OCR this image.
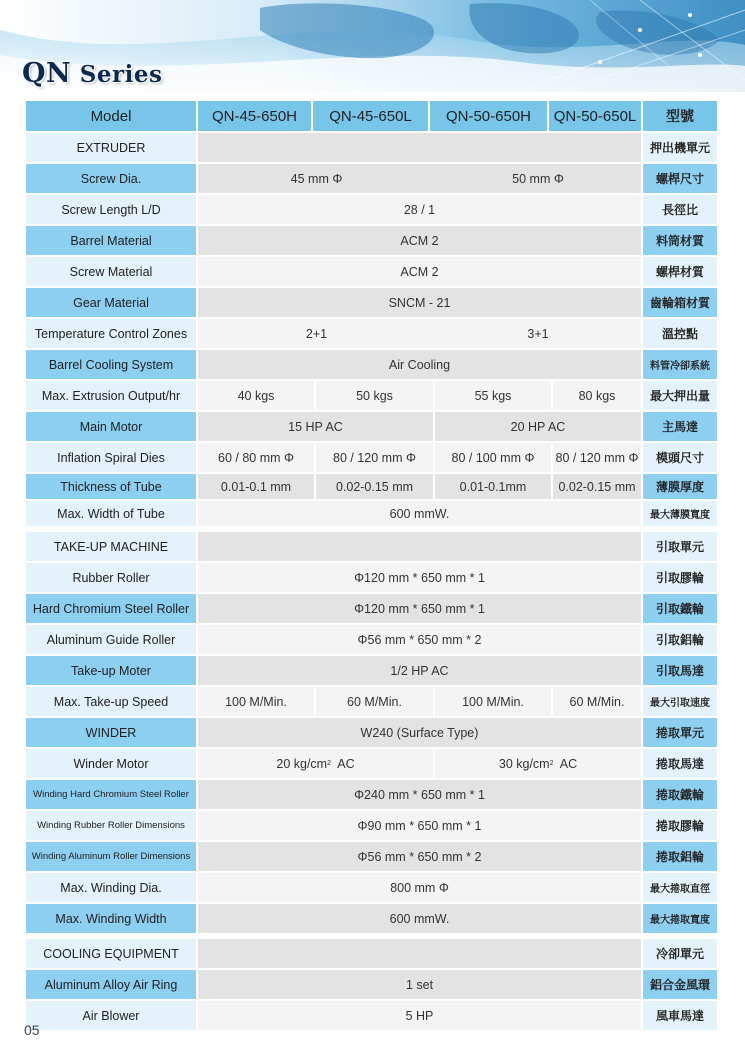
QN Series
Model	QN-45-650H	QN-45-650L	QN-50-650H	QN-50-650L	型號
EXTRUDER	押出機單元
Screw Dia.	45 mm Φ	50 mm Φ	螺桿尺寸
Screw Length L/D	28 / 1	長徑比
Barrel Material	ACM 2	料筒材質
Screw Material	ACM 2	螺桿材質
Gear Material	SNCM - 21	齒輪箱材質
Temperature Control Zones	2+1	3+1	溫控點
Barrel Cooling System	Air Cooling	料管冷卻系統
Max. Extrusion Output/hr	40 kgs	50 kgs	55 kgs	80 kgs	最大押出量
Main Motor	15 HP AC	20 HP AC	主馬達
Inflation Spiral Dies	60 / 80 mm Φ	80 / 120 mm Φ	80 / 100 mm Φ	80 / 120 mm Φ	模頭尺寸
Thickness of Tube	0.01-0.1 mm	0.02-0.15 mm	0.01-0.1mm	0.02-0.15 mm	薄膜厚度
Max. Width of Tube	600 mmW.	最大薄膜寬度
TAKE-UP MACHINE	引取單元
Rubber Roller	Φ120 mm * 650 mm * 1	引取膠輪
Hard Chromium Steel Roller	Φ120 mm * 650 mm * 1	引取鐵輪
Aluminum Guide Roller	Φ56 mm * 650 mm * 2	引取鋁輪
Take-up Moter	1/2 HP AC	引取馬達
Max. Take-up Speed	100 M/Min.	60 M/Min.	100 M/Min.	60 M/Min.	最大引取速度
WINDER	W240 (Surface Type)	捲取單元
Winder Motor	20 kg/cm 2 AC	30 kg/cm 2 AC	捲取馬達
Winding Hard Chromium Steel Roller	Φ240 mm * 650 mm * 1	捲取鐵輪
Winding Rubber Roller Dimensions	Φ90 mm * 650 mm * 1	捲取膠輪
Winding Aluminum Roller Dimensions	Φ56 mm * 650 mm * 2	捲取鋁輪
Max. Winding Dia.	800 mm Φ	最大捲取直徑
Max. Winding Width	600 mmW.	最大捲取寬度
COOLING EQUIPMENT	冷卻單元
Aluminum Alloy Air Ring	1 set	鋁合金風環
Air Blower	5 HP	風車馬達
05
